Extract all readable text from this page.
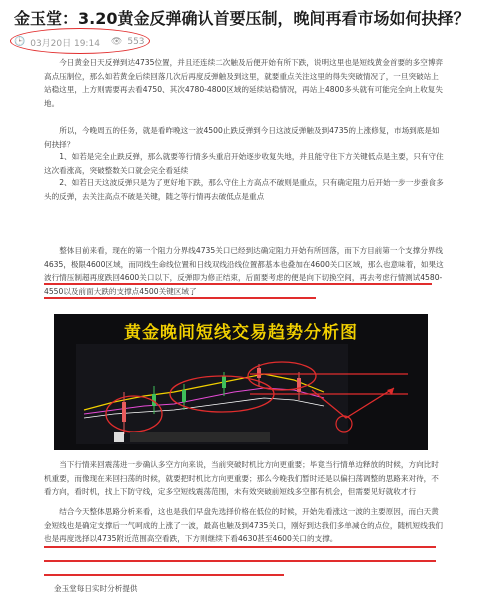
金玉堂：3.20黄金反弹确认首要压制，晚间再看市场如何抉择？
🕒 03月20日 19:14 👁 553

今日黄金日天反弹到达4735位置，并且还连续二次触及后便开始有所下跌，说明这里也是短线黄金首要的多空博弈高点压制位，那么如若黄金后续回落几次后再度反弹触及到这里，就要重点关注这里的得失突破情况了，一旦突破站上站稳这里，上方则需要再去看4750、其次4780-4800区域的延续站稳情况，再站上4800多头就有可能完全向上收复失地。

所以，今晚周五的任务，就是看昨晚这一波4500止跌反弹到今日这波反弹触及到4735的上涨修复，市场到底是如何抉择？

1、如若是完全止跌反弹，那么就要等行情多头重启开始逐步收复失地，并且能守住下方关键低点是主要，只有守住这次看涨高，突破整数关口就会完全看延续

2、如若日天这波反弹只是为了更好地下跌，那么守住上方高点不破则是重点，只有确定阻力后开始一步一步蚕食多头的反弹，去关注高点不破是关键，随之等行情再去破低点是重点

整体目前来看，现在的第一个阻力分界线4735关口已经到达确定阻力开始有所回落，而下方目前第一个支撑分界线4635，极限4600区域，而同线生命线位置和日线双线沿线位置都基本也叠加在4600关口区域，那么也意味着，如果这波行情压制超再度跌回4600关口以下，反弹即为修正结束，后面要考虑的便是向下切换空间，再去考虑行情测试4580-4550以及前面大跌的支撑点4500关键区域了

黄金晚间短线交易趋势分析图

当下行情来回震荡进一步确认多空方向来说，当前突破时机比方向更重要；毕竟当行情单边释放的时候，方向比时机重要，而像现在来回扫荡的时候，就要把时机比方向更重要；那么今晚我们暂时还是以偏扫荡调整的思路来对待，不看方向，看时机，找上下防守线，定多空短线震荡范围，未有效突破前短线多空都有机会，但需要见好就收才行

结合今天整体思路分析来看，这也是我们早盘先选择价格在低位的时候，开始先看涨这一波的主要原因，而白天黄金短线也是确定支撑后一气呵成的上涨了一波，最高也触及到4735关口，刚好到达我们多单减仓的点位，随机短线我们也是再度选择以4735附近范围高空看跌，下方则继续下看4630甚至4600关口的支撑。

金玉堂每日实时分析提供
